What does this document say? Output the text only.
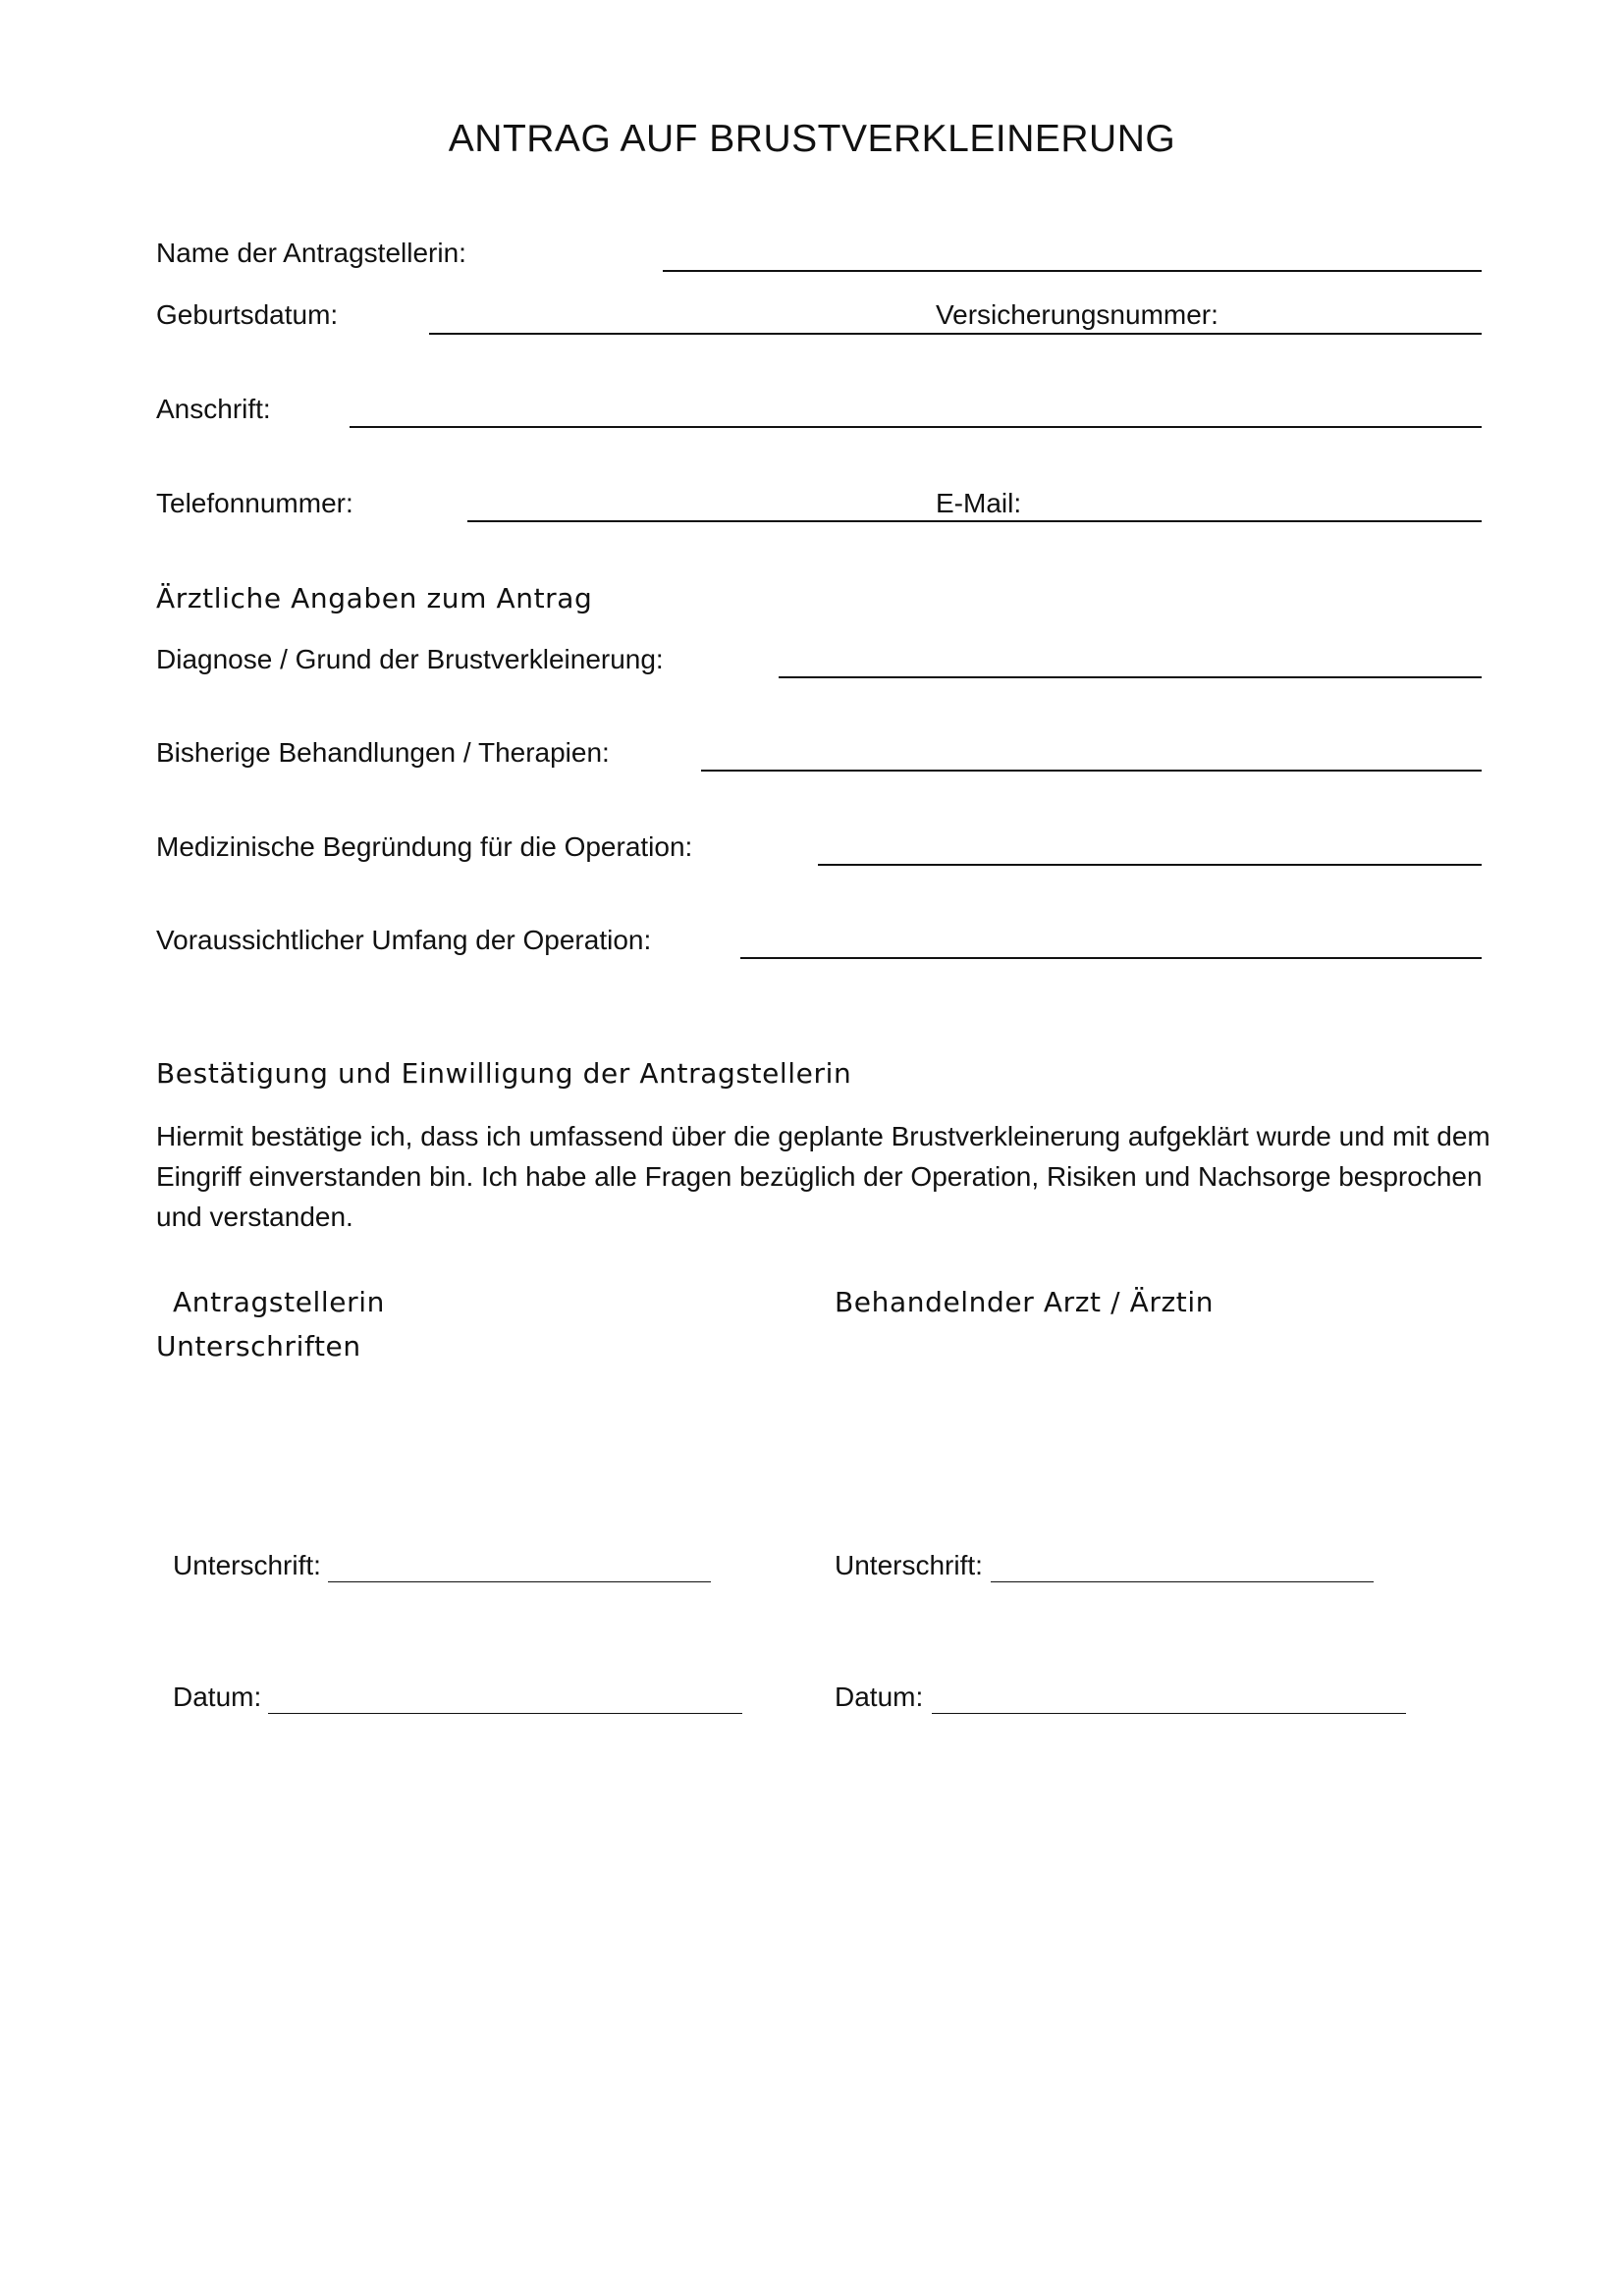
ANTRAG AUF BRUSTVERKLEINERUNG
Name der Antragstellerin:
Geburtsdatum:	Versicherungsnummer:
Anschrift:
Telefonnummer:	E-Mail:
Ärztliche Angaben zum Antrag
Diagnose / Grund der Brustverkleinerung:
Bisherige Behandlungen / Therapien:
Medizinische Begründung für die Operation:
Voraussichtlicher Umfang der Operation:
Bestätigung und Einwilligung der Antragstellerin
Hiermit bestätige ich, dass ich umfassend über die geplante Brustverkleinerung aufgeklärt wurde und mit dem Eingriff einverstanden bin. Ich habe alle Fragen bezüglich der Operation, Risiken und Nachsorge besprochen und verstanden.
Antragstellerin	Behandelnder Arzt / Ärztin
Unterschriften
Unterschrift:	Unterschrift:
Datum:	Datum:
